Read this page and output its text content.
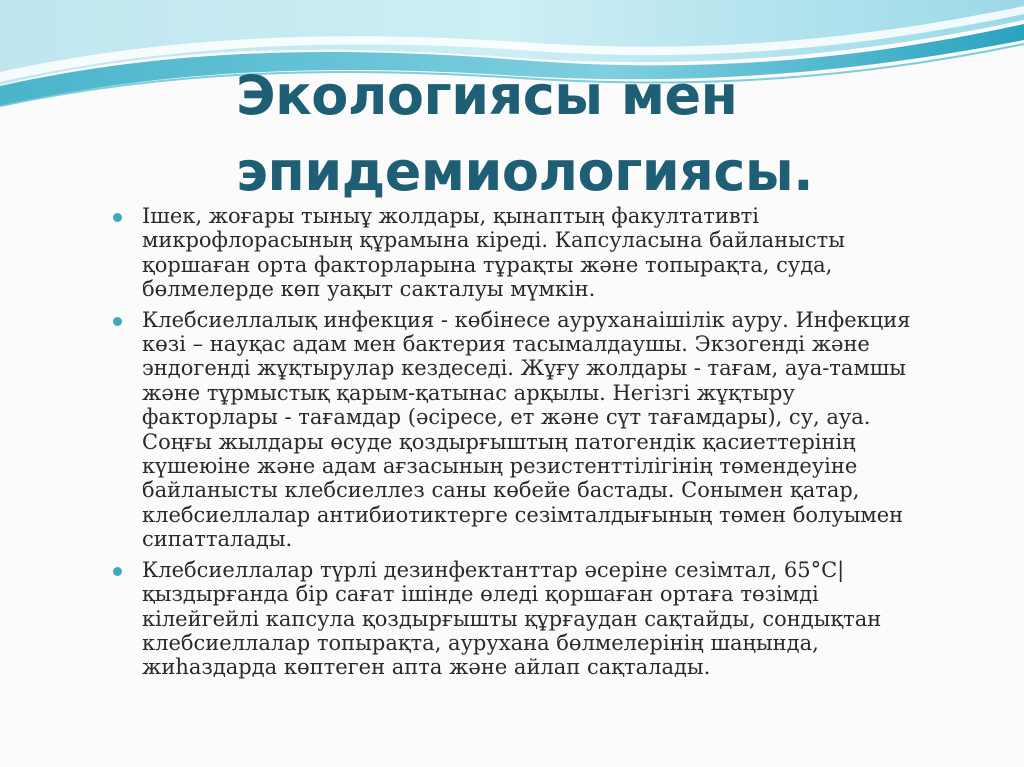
Экологиясы мен
эпидемиологиясы.
Ішек, жоғары тыныұ жолдары, қынаптың факултативті
микрофлорасының құрамына кіреді. Капсуласына байланысты
қоршаған орта факторларына тұрақты және топырақта, суда,
бөлмелерде көп уақыт сакталуы мүмкін.
Клебсиеллалық инфекция - көбінесе ауруханаішілік ауру. Инфекция
көзі – науқас адам мен бактерия тасымалдаушы. Экзогенді және
эндогенді жұқтырулар кездеседі. Жұғу жолдары - тағам, ауа-тамшы
және тұрмыстық қарым-қатынас арқылы. Негізгі жұқтыру
факторлары - тағамдар (әсіресе, ет және сүт тағамдары), су, ауа.
Соңғы жылдары өсуде қоздырғыштың патогендік қасиеттерінің
күшеюіне және адам ағзасының резистенттілігінің төмендеуіне
байланысты клебсиеллез саны көбейе бастады. Сонымен қатар,
клебсиеллалар антибиотиктерге сезімталдығының төмен болуымен
сипатталады.
Клебсиеллалар түрлі дезинфектанттар әсеріне сезімтал, 65°С|
қыздырғанда бір сағат ішінде өледі қоршаған ортаға төзімді
кілейгейлі капсула қоздырғышты құрғаудан сақтайды, сондықтан
клебсиеллалар топырақта, аурухана бөлмелерінің шаңында,
жиһаздарда көптеген апта және айлап сақталады.
